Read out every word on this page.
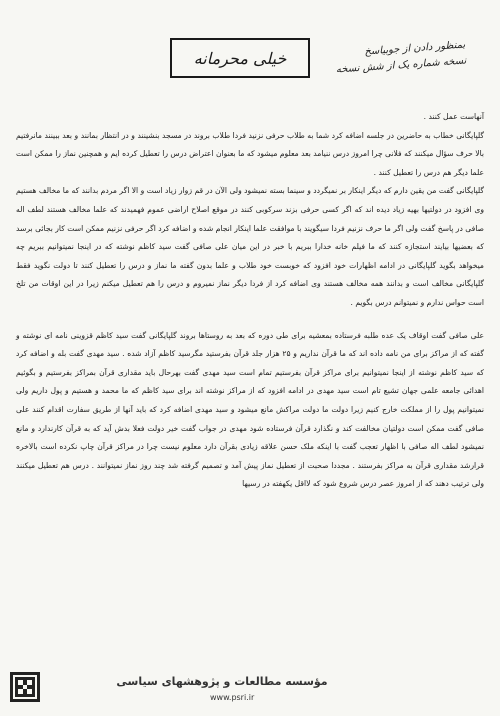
خیلی محرمانه	بمنظور دادن از جوبیاسخ
نسخه شماره یک از شش نسخه

آنهاست عمل کنند .

گلپایگانی خطاب به حاضرین در جلسه اضافه کرد شما به طلاب حرفی نزنید فردا طلاب بروند در مسجد بنشینند و در انتظار بمانند و بعد ببینند مانرفتیم بالا حرف سؤال میکنند که فلانی چرا امروز درس ننیامد بعد معلوم میشود که ما بعنوان اعتراض درس را تعطیل کرده ایم و همچنین نماز را ممکن است علما دیگر هم درس را تعطیل کنند .

گلپایگانی گفت من یقین دارم که دیگر اینکار بر نمیگردد و سینما بسته نمیشود ولی الآن در قم زوار زیاد است و الا اگر مردم بدانند که ما مخالف هستیم وی افزود در دولتیها بهیه زیاد دیده اند که اگر کسی حرفی بزند سرکوبی کنند در موقع اصلاح اراضی عموم فهمیدند که علما مخالف هستند لطف اله صافی در پاسخ گفت ولی اگر ما حرف نزنیم فردا سیگویند با موافقت علما اینکار انجام شده و اضافه کرد اگر حرفی نزنیم ممکن است کار بجائی برسد که بعضیها بیایند استجازه کنند که ما فیلم خانه خدارا ببریم با خبر در این میان علی صافی گفت سید کاظم نوشته که در اینجا نمیتوانیم ببریم چه میخواهد بگوید گلپایگانی در ادامه اظهارات خود افزود که خوبست خود طلاب و علما بدون گفته ما نماز و درس را تعطیل کنند تا دولت نگوید فقط گلپایگانی مخالف است و بدانند همه مخالف هستند وی اضافه کرد از فردا دیگر نماز نمیروم و درس را هم تعطیل میکنم زیرا در این اوقات من تلخ است حواس ندارم و نمیتوانم درس بگویم .

علی صافی گفت اوقاف یک عده طلبه فرستاده بمعشیه برای طی دوره که بعد به روستاها بروند گلپایگانی گفت سید کاظم قزوینی نامه ای نوشته و گفته که از مراکز برای من نامه داده اند که ما قرآن نداریم و ۲۵ هزار جلد قرآن بفرستید مگرسید کاظم آزاد شده . سید مهدی گفت بله و اضافه کرد که سید کاظم نوشته از اینجا نمیتوانیم برای مراکز قرآن بفرستیم تمام است سید مهدی گفت بهرحال باید مقداری قرآن بمراکز بفرستیم و بگوئیم اهدائی جامعه علمی جهان تشیع تام است سید مهدی در ادامه افزود که از مراکز نوشته اند برای سید کاظم که ما محمد و هستیم و پول داریم ولی نمیتوانیم پول را از مملکت خارج کنیم زیرا دولت ما دولت مراکش مانع میشود و سید مهدی اضافه کرد که باید آنها از طریق سفارت اقدام کنند علی صافی گفت ممکن است دولتیان مخالفت کند و نگذارد قرآن فرستاده شود مهدی در جواب گفت خیر دولت فعلا بدش آید که به قرآن کارندارد و مانع نمیشود لطف اله صافی با اظهار تعجب گفت با اینکه ملک حسن علاقه زیادی بقرآن دارد معلوم نیست چرا در مراکز قرآن چاپ نکرده است بالاخره قرارشد مقداری قرآن به مراکز بفرستند . مجددا صحبت از تعطیل نماز پیش آمد و تصمیم گرفته شد چند روز نماز نمیتوانند . درس هم تعطیل میکنند ولی ترتیب دهند که از امروز عصر درس شروع شود که لااقل یکهفته در رسیها

مؤسسه مطالعات و پژوهشهای سیاسی
www.psri.ir
